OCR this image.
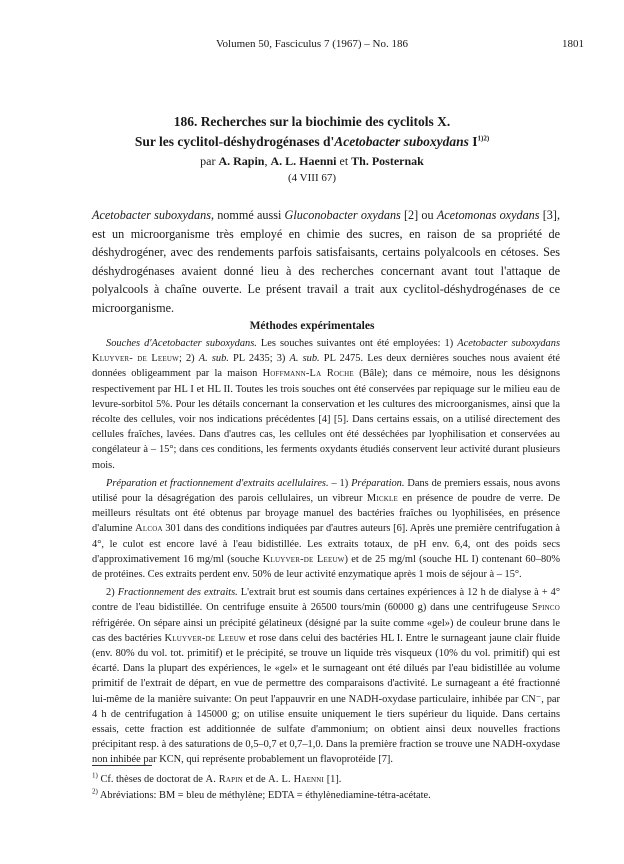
Volumen 50, Fasciculus 7 (1967) – No. 186	1801
186. Recherches sur la biochimie des cyclitols X.
Sur les cyclitol-déshydrogénases d'Acetobacter suboxydans $I^{1)2)}$
par A. Rapin, A. L. Haenni et Th. Posternak
(4 VIII 67)
Acetobacter suboxydans, nommé aussi Gluconobacter oxydans [2] ou Acetomonas oxydans [3], est un microorganisme très employé en chimie des sucres, en raison de sa propriété de déshydrogéner, avec des rendements parfois satisfaisants, certains polyalcools en cétoses. Ses déshydrogénases avaient donné lieu à des recherches concernant avant tout l'attaque de polyalcools à chaîne ouverte. Le présent travail a trait aux cyclitol-déshydrogénases de ce microorganisme.
Méthodes expérimentales

Souches d'Acetobacter suboxydans. Les souches suivantes ont été employées: 1) Acetobacter suboxydans Kluyver- de Leeuw; 2) A. sub. PL 2435; 3) A. sub. PL 2475. Les deux dernières souches nous avaient été données obligeamment par la maison Hoffmann-La Roche (Bâle); dans ce mémoire, nous les désignons respectivement par HL I et HL II. Toutes les trois souches ont été conservées par repiquage sur le milieu eau de levure-sorbitol 5%. Pour les détails concernant la conservation et les cultures des microorganismes, ainsi que la récolte des cellules, voir nos indications précédentes [4] [5]. Dans certains essais, on a utilisé directement des cellules fraîches, lavées. Dans d'autres cas, les cellules ont été desséchées par lyophilisation et conservées au congélateur à – 15°; dans ces conditions, les ferments oxydants étudiés conservent leur activité durant plusieurs mois.

Préparation et fractionnement d'extraits acellulaires. – 1) Préparation. Dans de premiers essais, nous avons utilisé pour la désagrégation des parois cellulaires, un vibreur Mickle en présence de poudre de verre. De meilleurs résultats ont été obtenus par broyage manuel des bactéries fraîches ou lyophilisées, en présence d'alumine Alcoa 301 dans des conditions indiquées par d'autres auteurs [6]. Après une première centrifugation à 4°, le culot est encore lavé à l'eau bidistillée. Les extraits totaux, de pH env. 6,4, ont des poids secs d'approximativement 16 mg/ml (souche Kluyver-de Leeuw) et de 25 mg/ml (souche HL I) contenant 60–80% de protéines. Ces extraits perdent env. 50% de leur activité enzymatique après 1 mois de séjour à – 15°.

2) Fractionnement des extraits. L'extrait brut est soumis dans certaines expériences à 12 h de dialyse à + 4° contre de l'eau bidistillée. On centrifuge ensuite à 26500 tours/min (60000 g) dans une centrifugeuse Spinco réfrigérée. On sépare ainsi un précipité gélatineux (désigné par la suite comme «gel») de couleur brune dans le cas des bactéries Kluyver-de Leeuw et rose dans celui des bactéries HL I. Entre le surnageant jaune clair fluide (env. 80% du vol. tot. primitif) et le précipité, se trouve un liquide très visqueux (10% du vol. primitif) qui est écarté. Dans la plupart des expériences, le «gel» et le surnageant ont été dilués par l'eau bidistillée au volume primitif de l'extrait de départ, en vue de permettre des comparaisons d'activité. Le surnageant a été fractionné lui-même de la manière suivante: On peut l'appauvrir en une NADH-oxydase particulaire, inhibée par CN⁻, par 4 h de centrifugation à 145000 g; on utilise ensuite uniquement le tiers supérieur du liquide. Dans certains essais, cette fraction est additionnée de sulfate d'ammonium; on obtient ainsi deux nouvelles fractions précipitant resp. à des saturations de 0,5–0,7 et 0,7–1,0. Dans la première fraction se trouve une NADH-oxydase non inhibée par KCN, qui représente probablement un flavoprotéide [7].

$^{1)}$ Cf. thèses de doctorat de A. Rapin et de A. L. Haenni [1].
$^{2)}$ Abréviations: BM = bleu de méthylène; EDTA = éthylènediamine-tétra-acétate.
